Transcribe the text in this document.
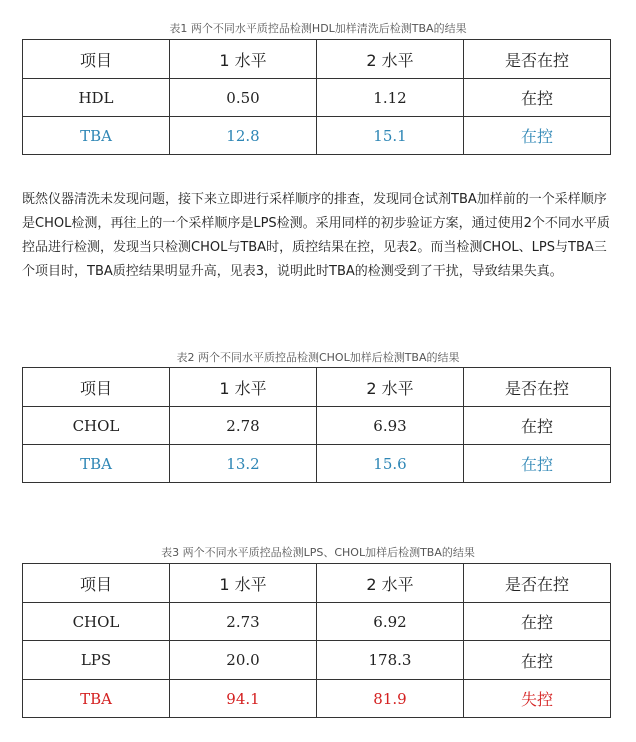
表1 两个不同水平质控品检测HDL加样清洗后检测TBA的结果
项目	1 水平	2 水平	是否在控
HDL	0.50	1.12	在控
TBA	12.8	15.1	在控

既然仪器清洗未发现问题，接下来立即进行采样顺序的排查，发现同仓试剂TBA加样前的一个采样顺序是CHOL检测，再往上的一个采样顺序是LPS检测。采用同样的初步验证方案，通过使用2个不同水平质控品进行检测，发现当只检测CHOL与TBA时，质控结果在控，见表2。而当检测CHOL、LPS与TBA三个项目时，TBA质控结果明显升高，见表3，说明此时TBA的检测受到了干扰，导致结果失真。

表2 两个不同水平质控品检测CHOL加样后检测TBA的结果
项目	1 水平	2 水平	是否在控
CHOL	2.78	6.93	在控
TBA	13.2	15.6	在控
表3 两个不同水平质控品检测LPS、CHOL加样后检测TBA的结果
项目	1 水平	2 水平	是否在控
CHOL	2.73	6.92	在控
LPS	20.0	178.3	在控
TBA	94.1	81.9	失控
